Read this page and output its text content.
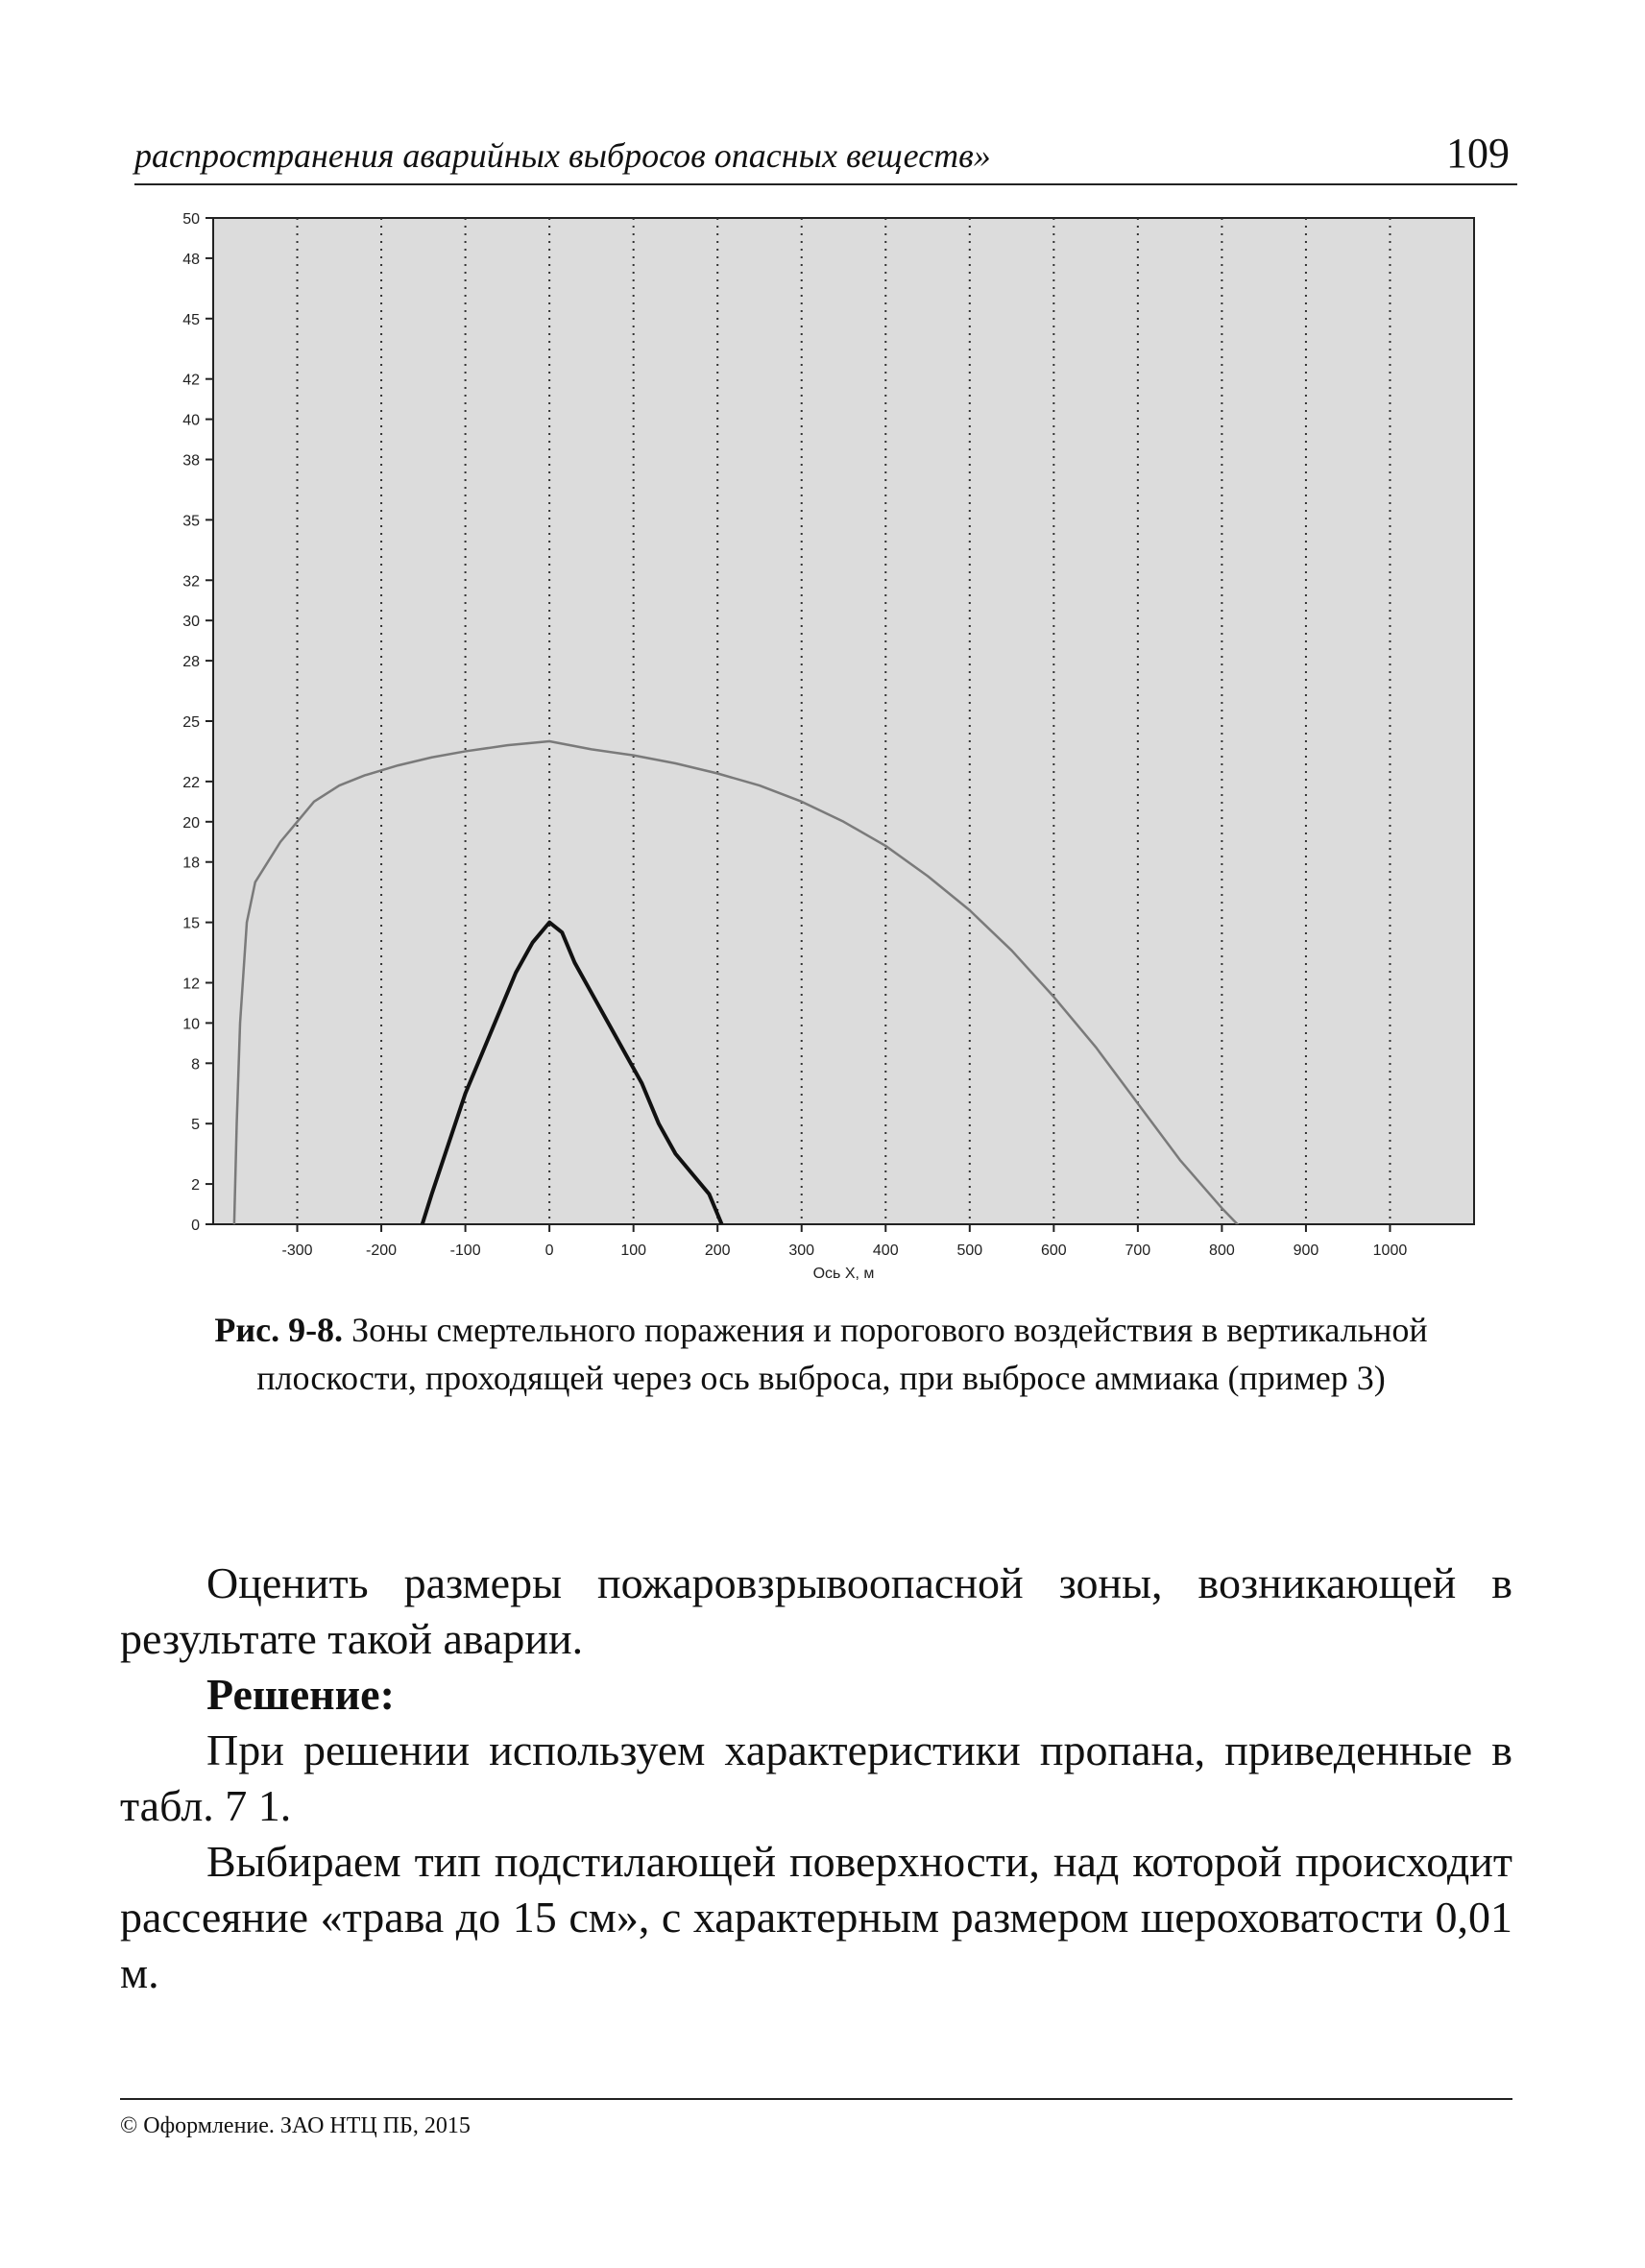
распространения аварийных выбросов опасных веществ»	109
0
2
5
8
10
12
15
18
20
22
25
28
30
32
35
38
40
42
45
48
50
-300	-200	-100	0	100	200	300	400	500	600	700	800	900	1000
Ось X, м
Рис. 9-8. Зоны смертельного поражения и порогового воздействия в вертикальной плоскости, проходящей через ось выброса, при выбросе аммиака (пример 3)

Оценить размеры пожаровзрывоопасной зоны, возникающей в результате такой аварии.

Решение:

При решении используем характеристики пропана, приведенные в табл. 7 1.

Выбираем тип подстилающей поверхности, над которой происходит рассеяние «трава до 15 см», с характерным размером шероховатости 0,01 м.

© Оформление. ЗАО НТЦ ПБ, 2015
